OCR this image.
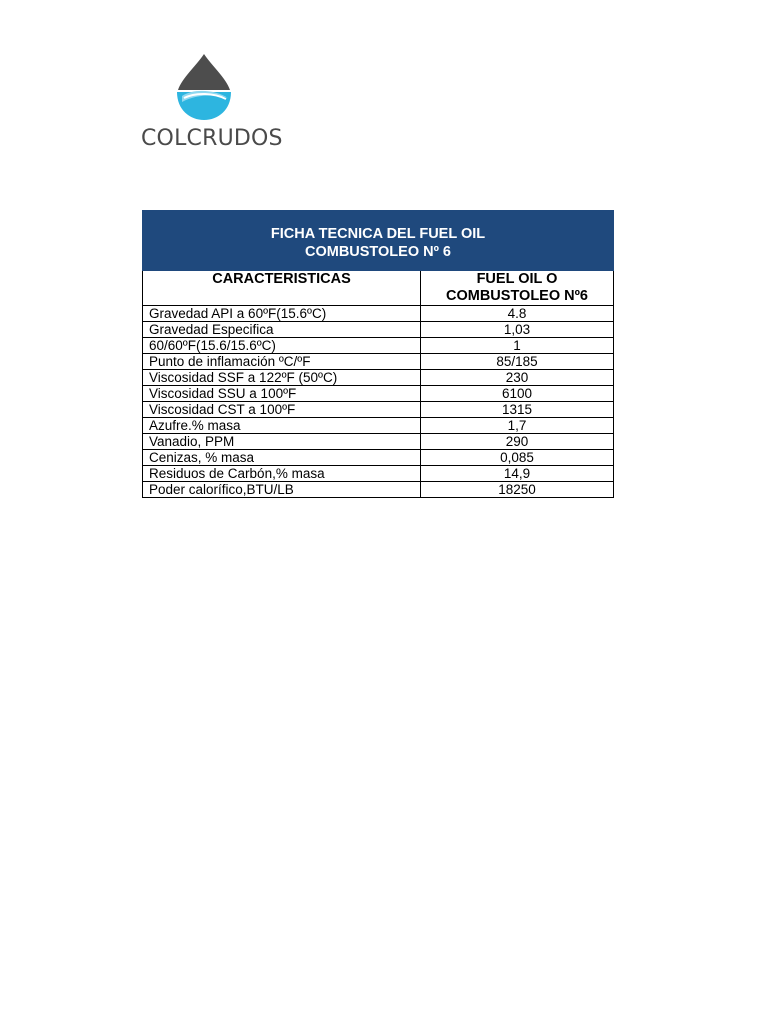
COLCRUDOS
FICHA TECNICA DEL FUEL OIL
COMBUSTOLEO Nº 6	

CARACTERISTICAS	FUEL OIL O
COMBUSTOLEO Nº6

Gravedad API a 60ºF(15.6ºC)	4.8
Gravedad Especifica	1,03
60/60ºF(15.6/15.6ºC)	1
Punto de inflamación ºC/ºF	85/185
Viscosidad SSF a 122ºF (50ºC)	230
Viscosidad SSU a 100ºF	6100
Viscosidad CST a 100ºF	1315
Azufre.% masa	1,7
Vanadio, PPM	290
Cenizas, % masa	0,085
Residuos de Carbón,% masa	14,9
Poder calorífico,BTU/LB	18250
